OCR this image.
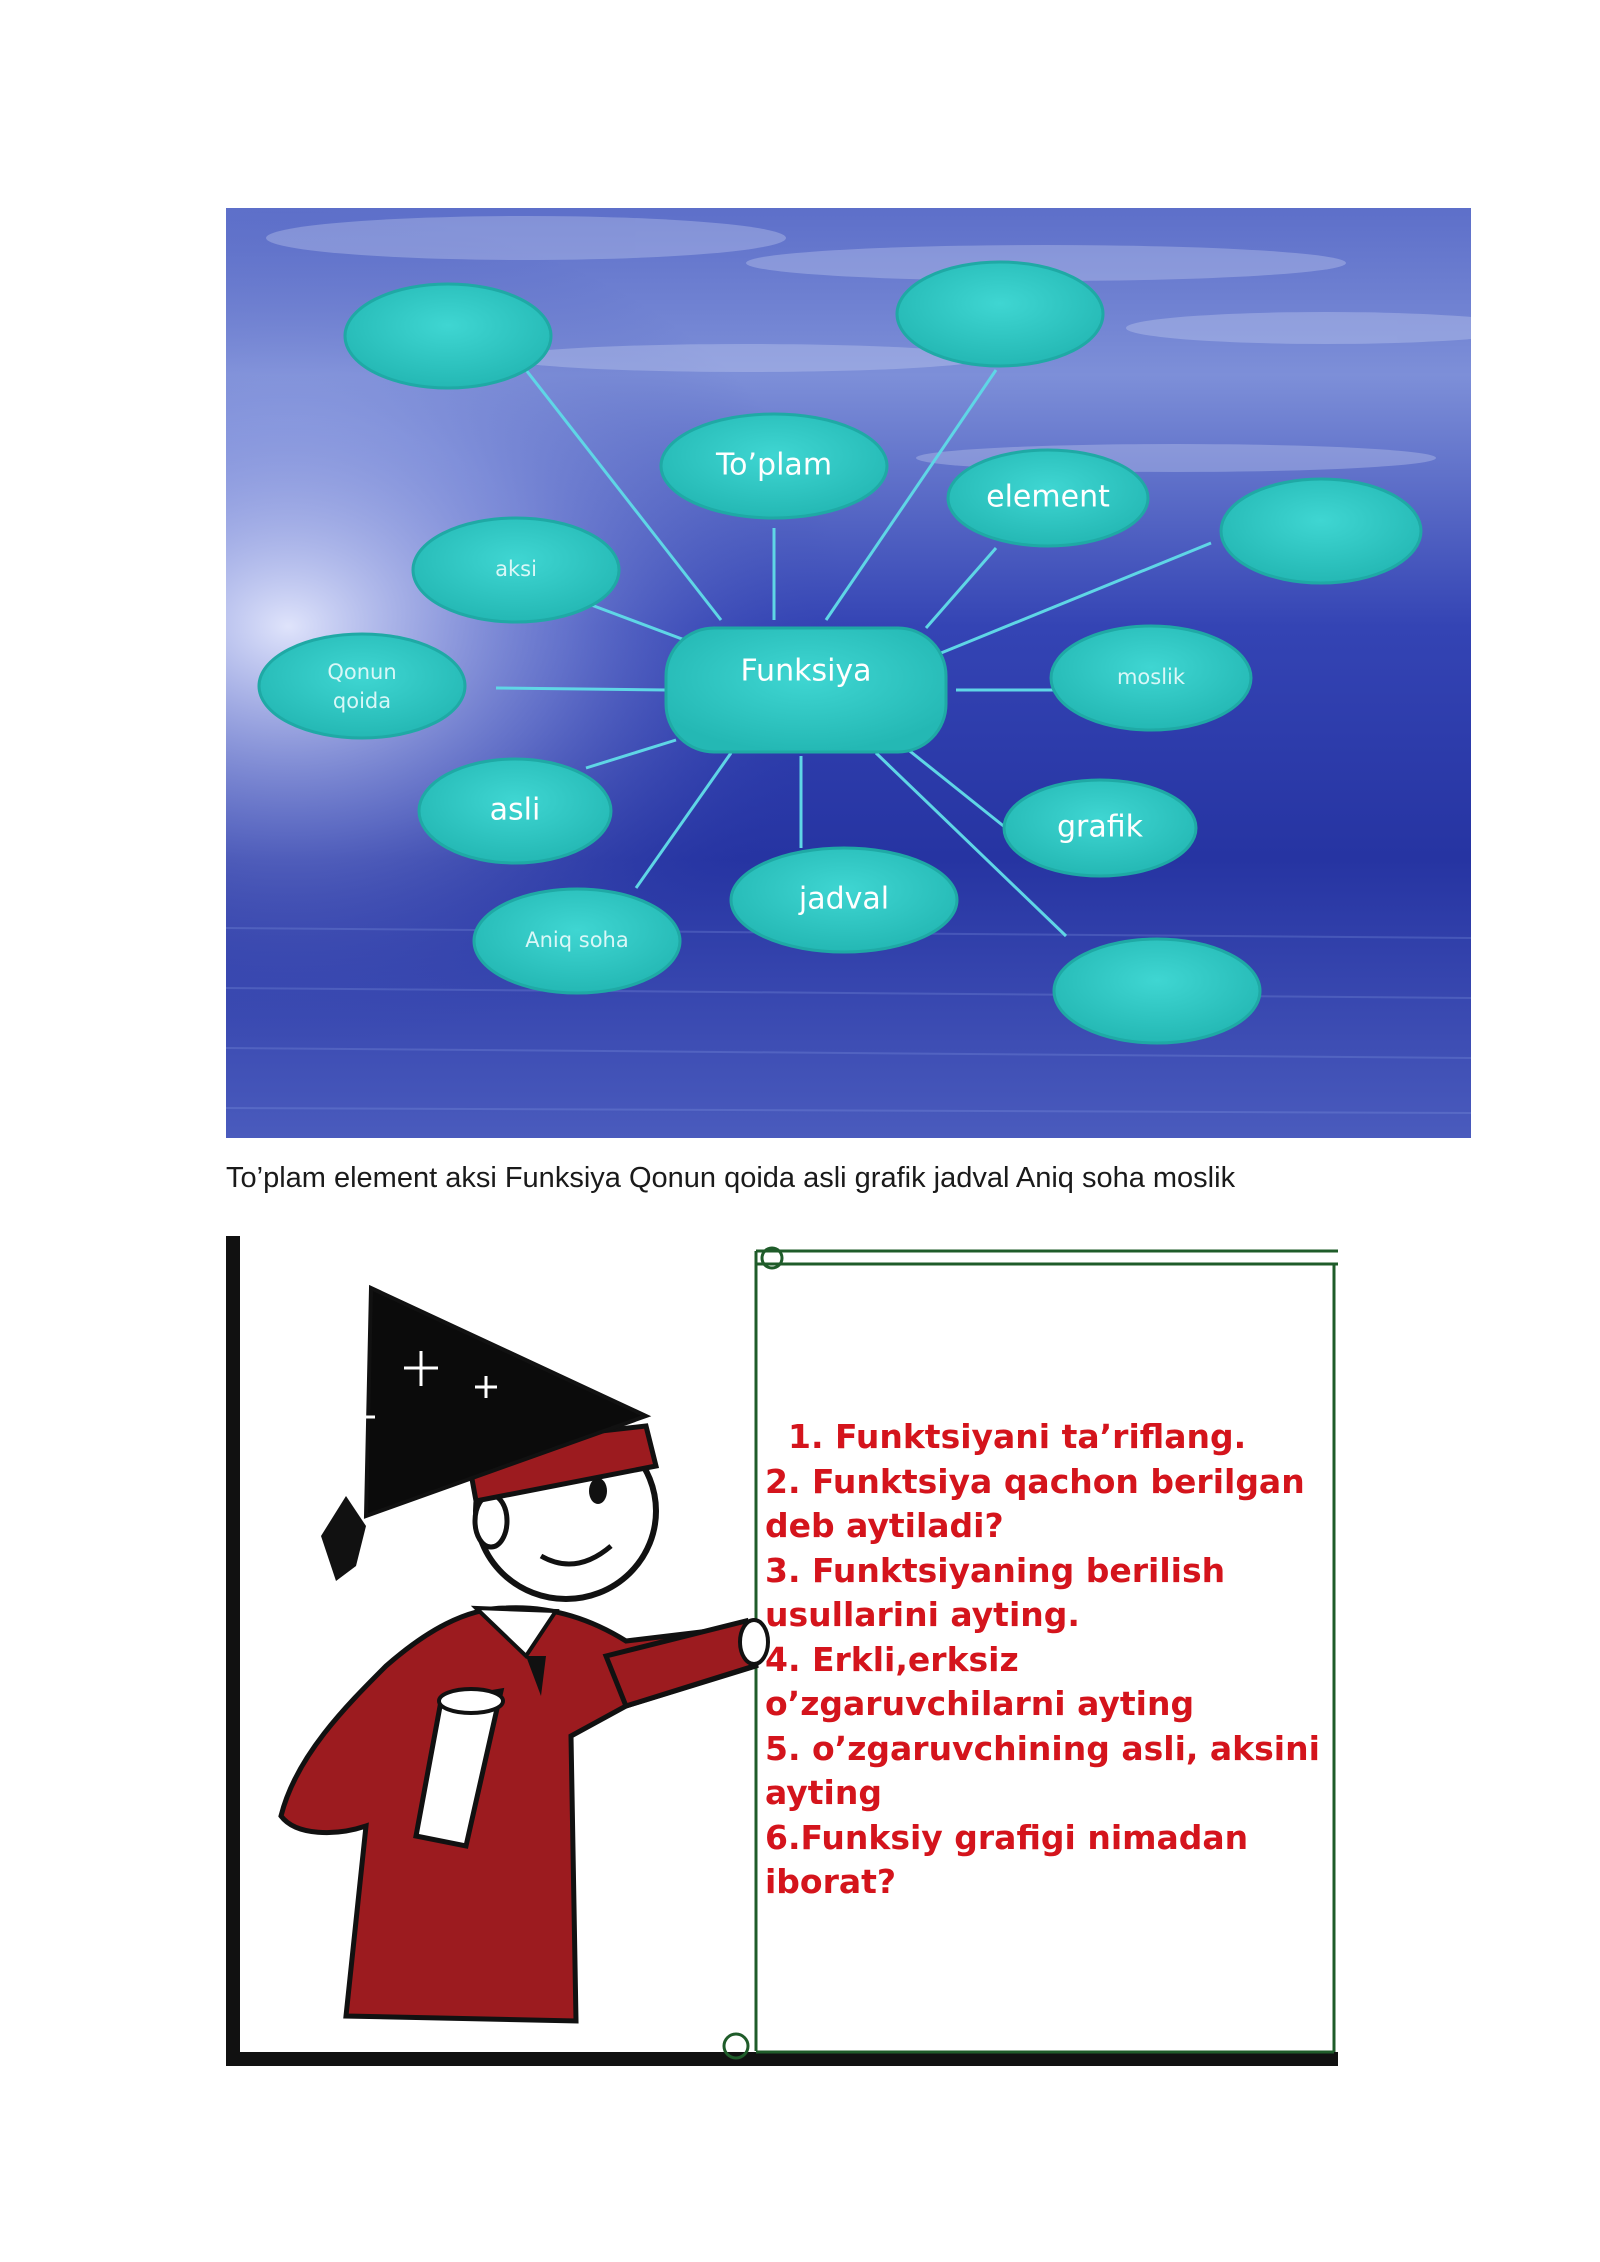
To’plam
element
aksi
Qonun
qoida
Funksiya	moslik
asli	grafik
jadval
Aniq soha
To’plam element aksi Funksiya Qonun qoida asli grafik jadval Aniq soha moslik
1. Funktsiyani ta’riflang.
2. Funktsiya qachon berilgan
deb aytiladi?
3. Funktsiyaning berilish
usullarini ayting.
4. Erkli,erksiz
o’zgaruvchilarni ayting
5. o’zgaruvchining asli, aksini
ayting
6.Funksiy grafigi nimadan
iborat?
